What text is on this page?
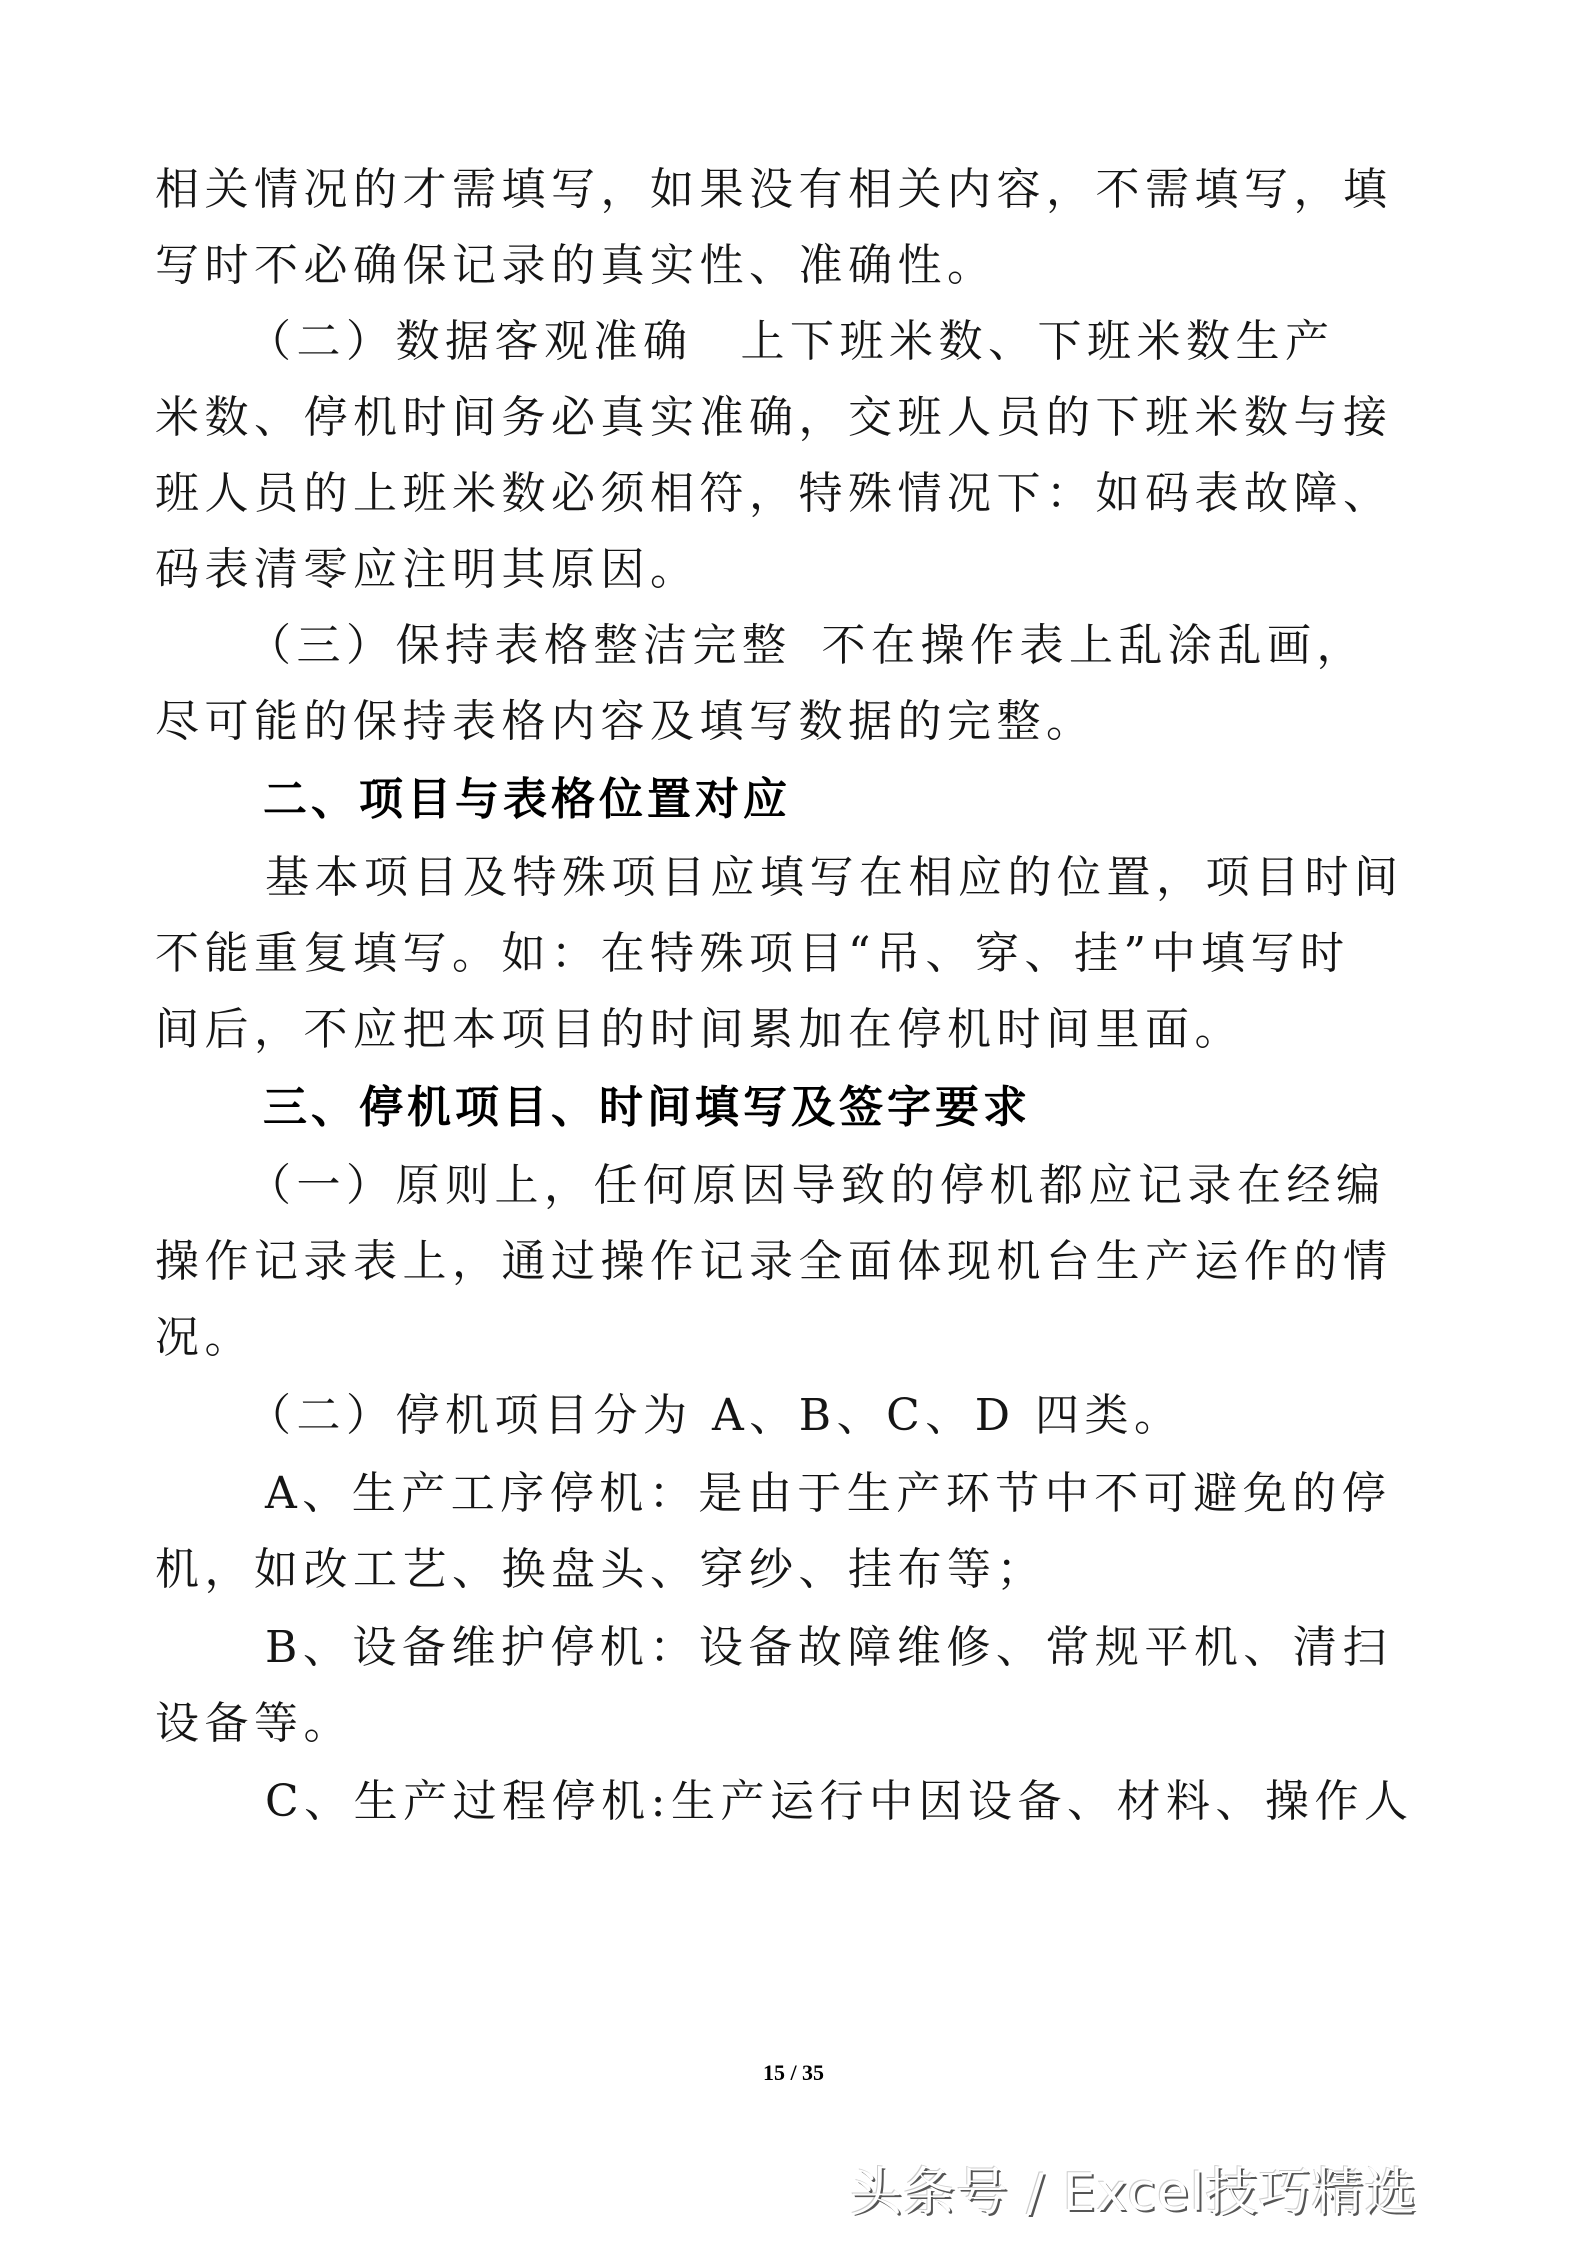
相关情况的才需填写，如果没有相关内容，不需填写，填
写时不必确保记录的真实性、准确性。
（二）数据客观准确 上下班米数、下班米数生产
米数、停机时间务必真实准确，交班人员的下班米数与接
班人员的上班米数必须相符，特殊情况下：如码表故障、
码表清零应注明其原因。
（三）保持表格整洁完整 不在操作表上乱涂乱画，
尽可能的保持表格内容及填写数据的完整。
二、项目与表格位置对应
基本项目及特殊项目应填写在相应的位置，项目时间
不能重复填写。如：在特殊项目“吊、穿、挂”中填写时
间后，不应把本项目的时间累加在停机时间里面。
三、停机项目、时间填写及签字要求
（一）原则上，任何原因导致的停机都应记录在经编
操作记录表上，通过操作记录全面体现机台生产运作的情
况。
（二）停机项目分为 A、B、C、D 四类。
A、生产工序停机：是由于生产环节中不可避免的停
机，如改工艺、换盘头、穿纱、挂布等；
B、设备维护停机：设备故障维修、常规平机、清扫
设备等。
C、生产过程停机:生产运行中因设备、材料、操作人
15 / 35
头条号 / Excel技巧精选
